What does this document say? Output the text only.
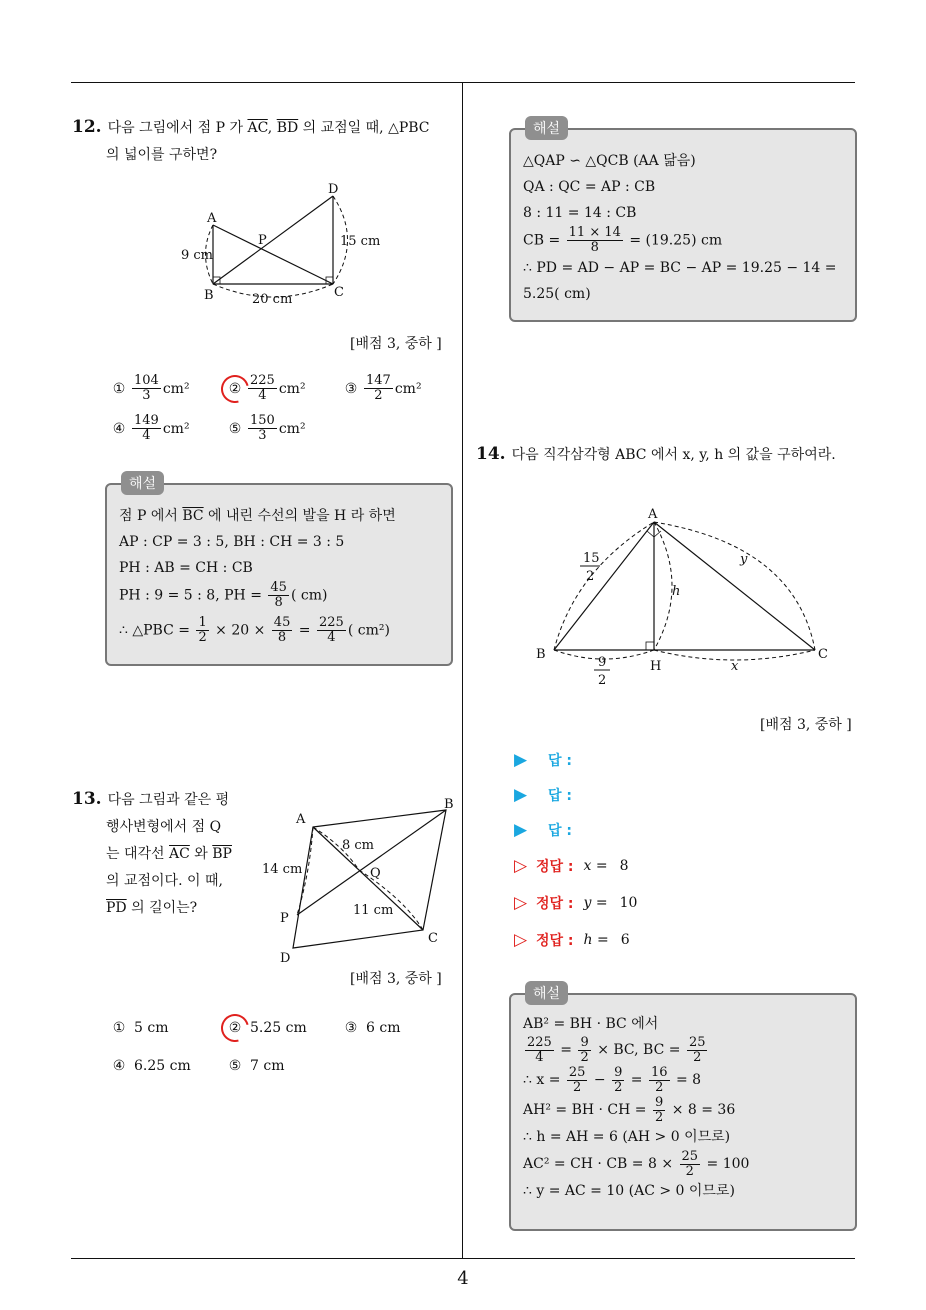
12. 다음 그림에서 점 P 가 $\overline{AC}$, $\overline{BD}$ 의 교점일 때, △PBC
의 넓이를 구하면?
A
B	C
D
P
9 cm
20 cm
15 cm
[배점 3, 중하 ]
① $\frac{104}{3} cm^2$	② $\frac{225}{4} cm^2$	③ $\frac{147}{2} cm^2$
④ $\frac{149}{4} cm^2$	⑤ $\frac{150}{3} cm^2$
해설
점 P 에서 $\overline{BC}$ 에 내린 수선의 발을 H 라 하면
AP : CP = 3 : 5, BH : CH = 3 : 5
PH : AB = CH : CB
PH : 9 = 5 : 8, PH = $\frac{45}{8}$ ( cm)
∴ △PBC = $\frac{1}{2} \times 20 \times \frac{45}{8} = \frac{225}{4}$ ( cm²)
13. 다음 그림과 같은 평
행사변형에서 점 Q
는 대각선 $\overline{AC}$ 와 $\overline{BP}$
의 교점이다. 이 때,
$\overline{PD}$ 의 길이는?
A
B
C
D
P
Q
8 cm
14 cm
11 cm
[배점 3, 중하 ]
① 5 cm	② 5.25 cm	③ 6 cm
④ 6.25 cm	⑤ 7 cm
해설
△QAP ∽ △QCB (AA 닮음)
QA : QC = AP : CB
8 : 11 = 14 : CB
CB = $\frac{11 \times 14}{8} = (19.25)$ cm
∴ PD = AD − AP = BC − AP = 19.25 − 14 =
5.25( cm)
14. 다음 직각삼각형 ABC 에서 x, y, h 의 값을 구하여라.
A
B	C
H
15
2
9
2
h
x
y
[배점 3, 중하 ]
▶	답 :
▶	답 :
▶	답 :
▷ 정답 : x = 8
▷ 정답 : y = 10
▷ 정답 : h = 6
해설
AB² = BH · BC 에서
$\frac{225}{4} = \frac{9}{2}$ × BC, BC = $\frac{25}{2}$
∴ $x = \frac{25}{2} - \frac{9}{2} = \frac{16}{2} = 8$
AH² = BH · CH = $\frac{9}{2} \times 8 = 36$
∴ h = AH = 6 (AH > 0 이므로)
AC² = CH · CB = $8 \times \frac{25}{2} = 100$
∴ y = AC = 10 (AC > 0 이므로)
4
